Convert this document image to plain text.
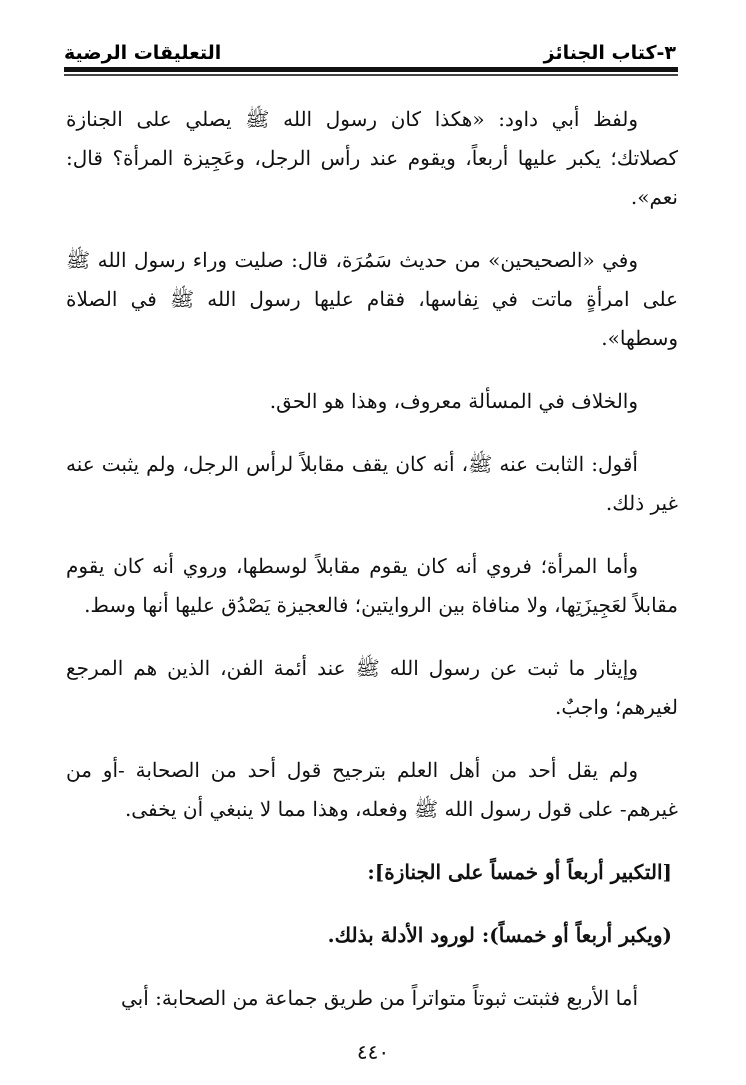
٣-كتاب الجنائز
التعليقات الرضية

ولفظ أبي داود: «هكذا كان رسول الله ﷺ يصلي على الجنازة كصلاتك؛ يكبر عليها أربعاً، ويقوم عند رأس الرجل، وعَجِيزة المرأة؟ قال: نعم».

وفي «الصحيحين» من حديث سَمُرَة، قال: صليت وراء رسول الله ﷺ على امرأةٍ ماتت في نِفاسها، فقام عليها رسول الله ﷺ في الصلاة وسطها».

والخلاف في المسألة معروف، وهذا هو الحق.

أقول: الثابت عنه ﷺ، أنه كان يقف مقابلاً لرأس الرجل، ولم يثبت عنه غير ذلك.

وأما المرأة؛ فروي أنه كان يقوم مقابلاً لوسطها، وروي أنه كان يقوم مقابلاً لعَجِيزَتِها، ولا منافاة بين الروايتين؛ فالعجيزة يَصْدُق عليها أنها وسط.

وإيثار ما ثبت عن رسول الله ﷺ عند أئمة الفن، الذين هم المرجع لغيرهم؛ واجبٌ.

ولم يقل أحد من أهل العلم بترجيح قول أحد من الصحابة -أو من غيرهم- على قول رسول الله ﷺ وفعله، وهذا مما لا ينبغي أن يخفى.

[التكبير أربعاً أو خمساً على الجنازة]:

(ويكبر أربعاً أو خمساً): لورود الأدلة بذلك.

أما الأربع فثبتت ثبوتاً متواتراً من طريق جماعة من الصحابة: أبي

٤٤٠
